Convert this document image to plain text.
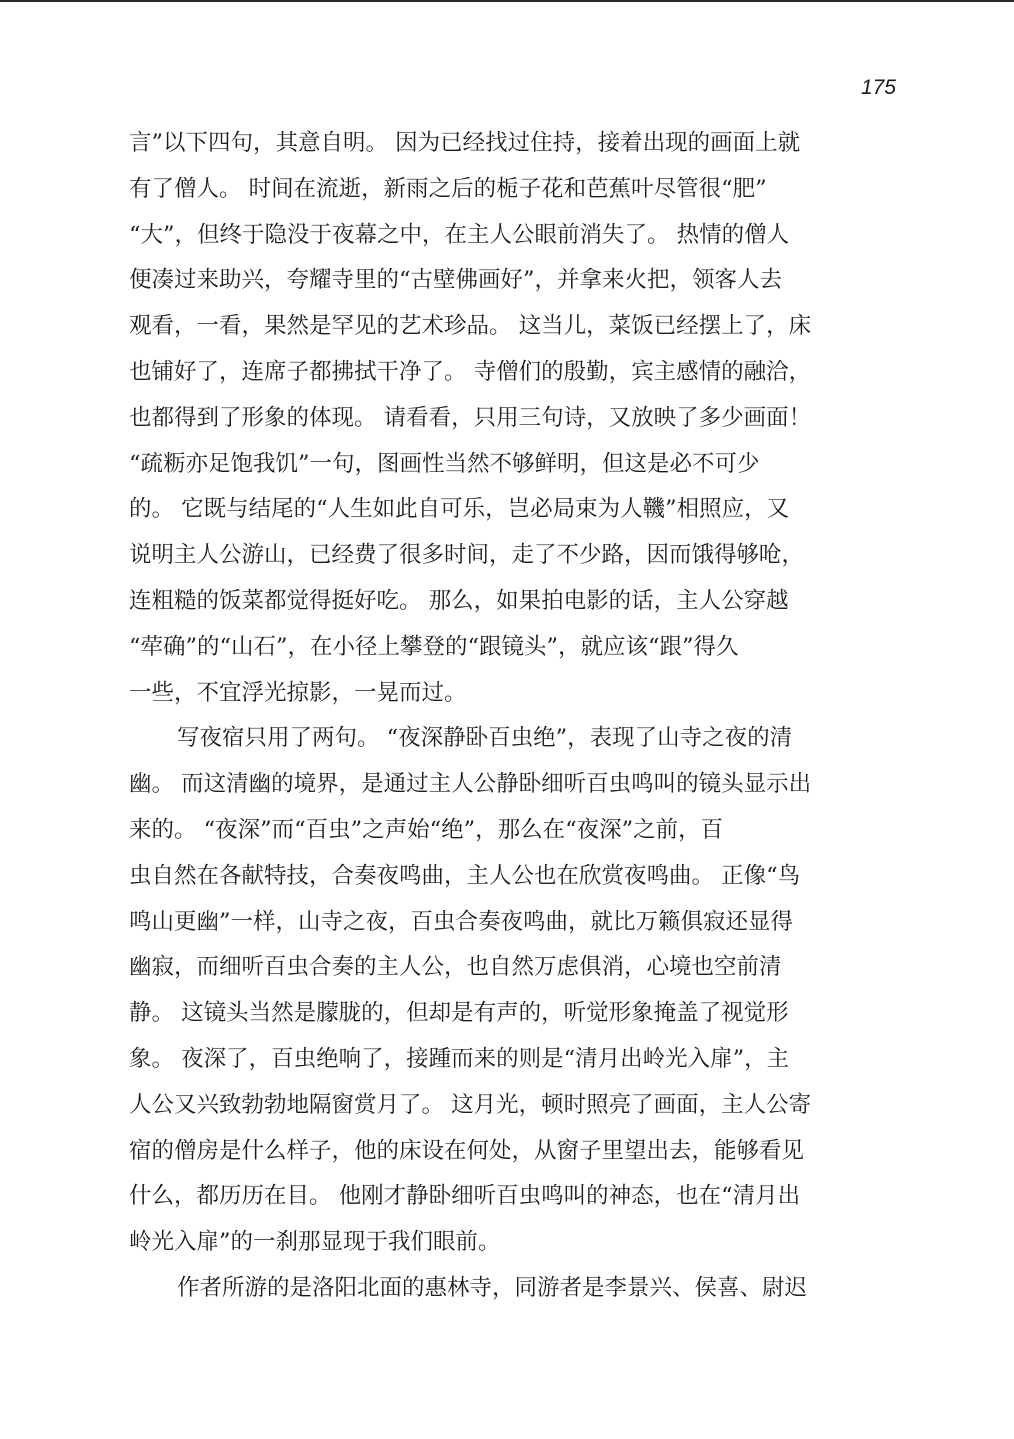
175
言”以下四句，其意自明。 因为已经找过住持，接着出现的画面上就
有了僧人。 时间在流逝，新雨之后的栀子花和芭蕉叶尽管很“肥”
“大”，但终于隐没于夜幕之中，在主人公眼前消失了。 热情的僧人
便凑过来助兴，夸耀寺里的“古壁佛画好”，并拿来火把，领客人去
观看，一看，果然是罕见的艺术珍品。 这当儿，菜饭已经摆上了，床
也铺好了，连席子都拂拭干净了。 寺僧们的殷勤，宾主感情的融洽，
也都得到了形象的体现。 请看看，只用三句诗，又放映了多少画面！
“疏粝亦足饱我饥”一句，图画性当然不够鲜明，但这是必不可少
的。 它既与结尾的“人生如此自可乐，岂必局束为人鞿”相照应，又
说明主人公游山，已经费了很多时间，走了不少路，因而饿得够呛，
连粗糙的饭菜都觉得挺好吃。 那么，如果拍电影的话，主人公穿越
“荦确”的“山石”，在小径上攀登的“跟镜头”，就应该“跟”得久
一些，不宜浮光掠影，一晃而过。
写夜宿只用了两句。 “夜深静卧百虫绝”，表现了山寺之夜的清
幽。 而这清幽的境界，是通过主人公静卧细听百虫鸣叫的镜头显示出
来的。 “夜深”而“百虫”之声始“绝”，那么在“夜深”之前，百
虫自然在各献特技，合奏夜鸣曲，主人公也在欣赏夜鸣曲。 正像“鸟
鸣山更幽”一样，山寺之夜，百虫合奏夜鸣曲，就比万籁俱寂还显得
幽寂，而细听百虫合奏的主人公，也自然万虑俱消，心境也空前清
静。 这镜头当然是朦胧的，但却是有声的，听觉形象掩盖了视觉形
象。 夜深了，百虫绝响了，接踵而来的则是“清月出岭光入扉”，主
人公又兴致勃勃地隔窗赏月了。 这月光，顿时照亮了画面，主人公寄
宿的僧房是什么样子，他的床设在何处，从窗子里望出去，能够看见
什么，都历历在目。 他刚才静卧细听百虫鸣叫的神态，也在“清月出
岭光入扉”的一刹那显现于我们眼前。
作者所游的是洛阳北面的惠林寺，同游者是李景兴、侯喜、尉迟
